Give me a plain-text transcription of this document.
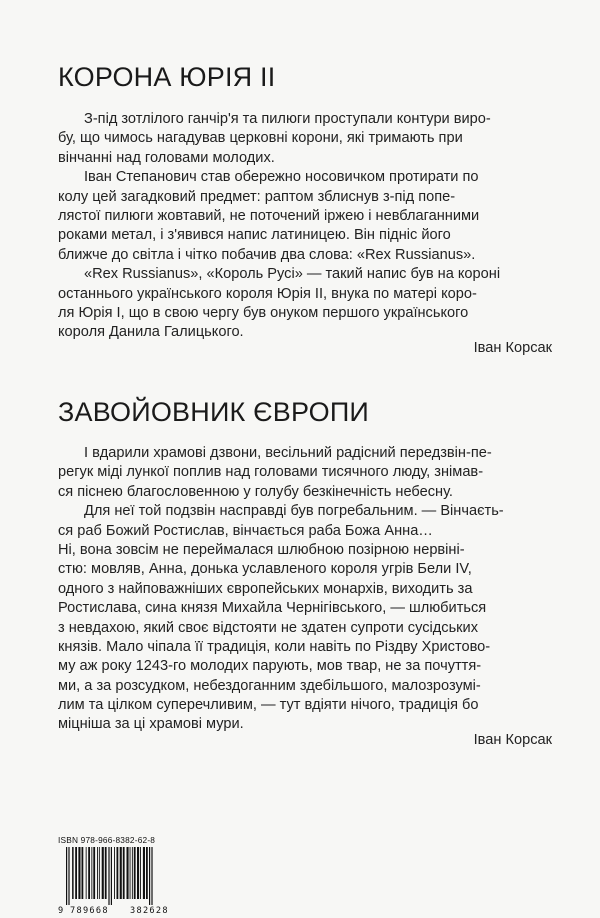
КОРОНА ЮРІЯ ІІ
З-під зотлілого ганчір'я та пилюги проступали контури виро-
бу, що чимось нагадував церковні корони, які тримають при
вінчанні над головами молодих.
Іван Степанович став обережно носовичком протирати по
колу цей загадковий предмет: раптом зблиснув з-під попе-
лястої пилюги жовтавий, не поточений іржею і невблаганними
роками метал, і з'явився напис латиницею. Він підніс його
ближче до світла і чітко побачив два слова: «Rex Russianus».
«Rex Russianus», «Король Русі» — такий напис був на короні
останнього українського короля Юрія ІІ, внука по матері коро-
ля Юрія І, що в свою чергу був онуком першого українського
короля Данила Галицького.
Іван Корсак
ЗАВОЙОВНИК ЄВРОПИ
І вдарили храмові дзвони, весільний радісний передзвін-пе-
регук міді лункої поплив над головами тисячного люду, знімав-
ся піснею благословенною у голубу безкінечність небесну.
Для неї той подзвін насправді був погребальним. — Вінчаєть-
ся раб Божий Ростислав, вінчається раба Божа Анна…
Ні, вона зовсім не переймалася шлюбною позірною нервіні-
стю: мовляв, Анна, донька уславленого короля угрів Бели IV,
одного з найповажніших європейських монархів, виходить за
Ростислава, сина князя Михайла Чернігівського, — шлюбиться
з невдахою, який своє відстояти не здатен супроти сусідських
князів. Мало чіпала її традиція, коли навіть по Різдву Христово-
му аж року 1243-го молодих парують, мов твар, не за почуття-
ми, а за розсудком, небездоганним здебільшого, малозрозумі-
лим та цілком суперечливим, — тут вдіяти нічого, традиція бо
міцніша за ці храмові мури.
Іван Корсак
ISBN 978-966-8382-62-8
9 789668 382628
